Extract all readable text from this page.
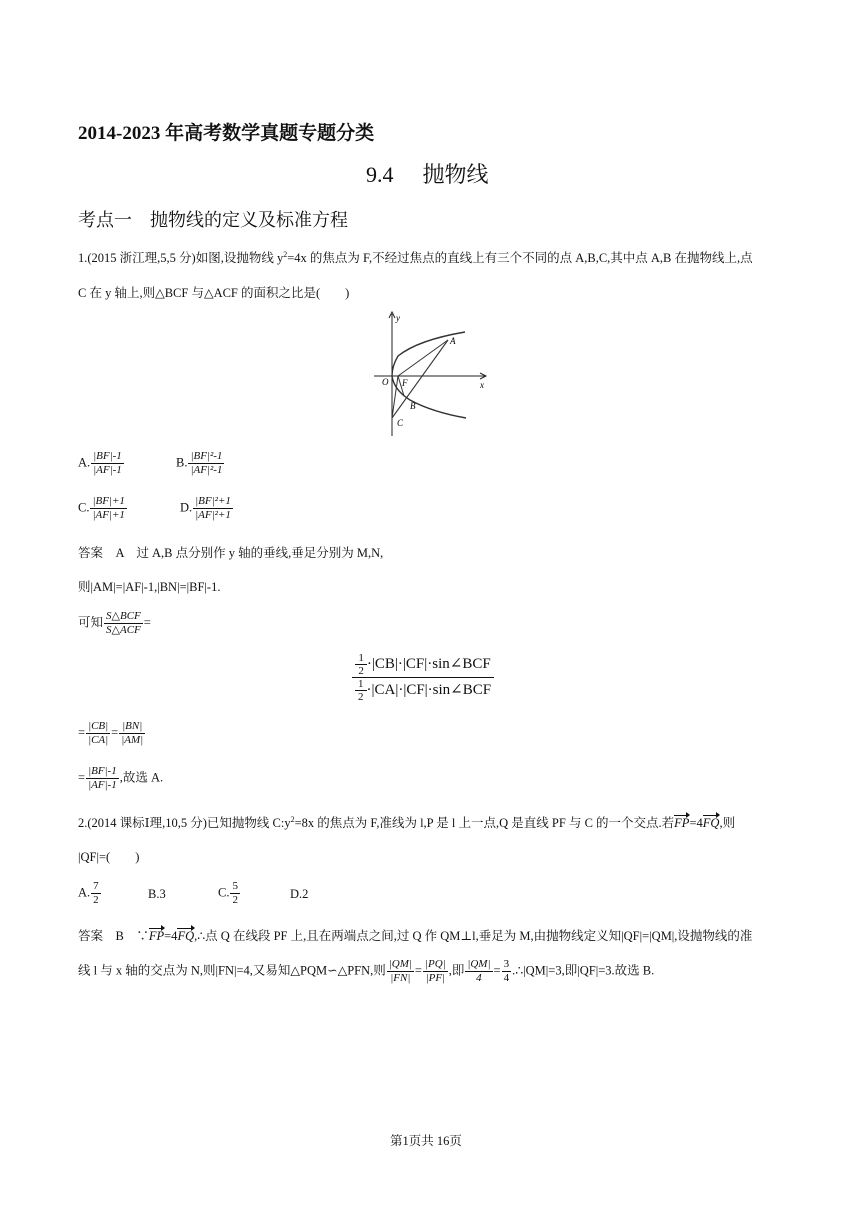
2014-2023 年高考数学真题专题分类
9.4 抛物线
考点一　抛物线的定义及标准方程
1.(2015 浙江理,5,5 分)如图,设抛物线 $y^2=4x$ 的焦点为 F,不经过焦点的直线上有三个不同的点 A,B,C,其中点 A,B 在抛物线上,点
C 在 y 轴上,则△BCF 与△ACF 的面积之比是(　　)
y
x
O F
A
B
C
A. $\frac{|BF|-1}{|AF|-1}$	B. $\frac{\text{|BF|²-1}}{\text{|AF|²-1}}$
C. $\frac{|BF|+1}{|AF|+1}$	D. $\frac{\text{|BF|²+1}}{\text{|AF|²+1}}$
答案　A　过 A,B 点分别作 y 轴的垂线,垂足分别为 M,N,
则|AM|=|AF|-1,|BN|=|BF|-1.
可知 $\frac{\text{S△BCF}}{\text{S△ACF}}$ =
$\frac{1}{2}$ ·|CB|·|CF|·sin∠BCF
$\frac{1}{2}$ ·|CA|·|CF|·sin∠BCF
= $\frac{|CB|}{|CA|} = \frac{|BN|}{|AM|}$
= $\frac{|BF|-1}{|AF|-1}$ ,故选 A.
2.(2014 课标Ⅰ理,10,5 分)已知抛物线 $C:y^2=8x$ 的焦点为 F,准线为 l,P 是 l 上一点,Q 是直线 PF 与 C 的一个交点.若FP=4FQ,则
|QF|=(　　)
A. $\frac{7}{2}$	B.3	C. $\frac{5}{2}$	D.2
答案　B　∵FP=4FQ,∴点 Q 在线段 PF 上,且在两端点之间,过 Q 作 QM⊥l,垂足为 M,由抛物线定义知|QF|=|QM|,设抛物线的准
线 l 与 x 轴的交点为 N,则|FN|=4,又易知△PQM∽△PFN,则 $\frac{|QM|}{|FN|} = \frac{|PQ|}{|PF|}$ ,即 $\frac{|QM|}{4} = \frac{3}{4}$ .∴|QM|=3,即|QF|=3.故选 B.
第1页共 16页
